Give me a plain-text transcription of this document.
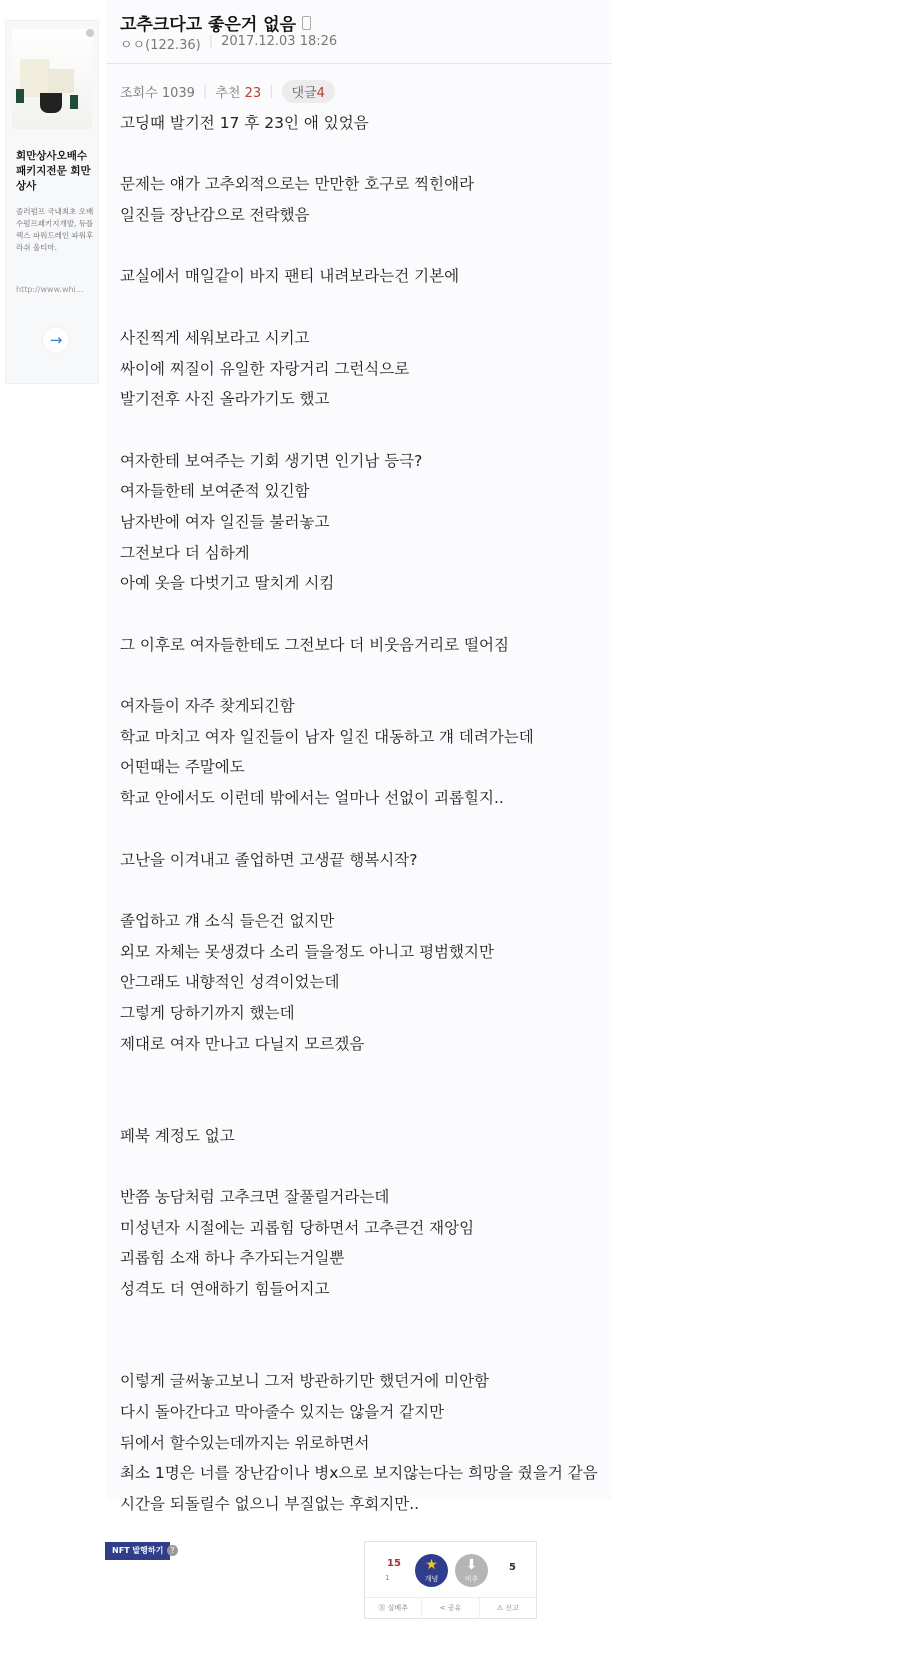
회만상사오배수 패키지전문 회만상사
졸러펌프 국내최초 오배수펌프패키지개발, 듀플렉스 파워드레인 파워후라쉬 울티마.
http://www.whi...
→
고추크다고 좋은거 없음
ㅇㅇ(122.36) | 2017.12.03 18:26
조회수 1039 | 추천 23 |	댓글4
고딩때 발기전 17 후 23인 애 있었음
문제는 얘가 고추외적으로는 만만한 호구로 찍힌애라
일진들 장난감으로 전락했음
교실에서 매일같이 바지 팬티 내려보라는건 기본에
사진찍게 세워보라고 시키고
싸이에 찌질이 유일한 자랑거리 그런식으로
발기전후 사진 올라가기도 했고
여자한테 보여주는 기회 생기면 인기남 등극?
여자들한테 보여준적 있긴함
남자반에 여자 일진들 불러놓고
그전보다 더 심하게
아예 옷을 다벗기고 딸치게 시킴
그 이후로 여자들한테도 그전보다 더 비웃음거리로 떨어짐
여자들이 자주 찾게되긴함
학교 마치고 여자 일진들이 남자 일진 대동하고 걔 데려가는데
어떤때는 주말에도
학교 안에서도 이런데 밖에서는 얼마나 선없이 괴롭힐지..
고난을 이겨내고 졸업하면 고생끝 행복시작?
졸업하고 걔 소식 들은건 없지만
외모 자체는 못생겼다 소리 들을정도 아니고 평범했지만
안그래도 내향적인 성격이었는데
그렇게 당하기까지 했는데
제대로 여자 만나고 다닐지 모르겠음
페북 계정도 없고
반쯤 농담처럼 고추크면 잘풀릴거라는데
미성년자 시절에는 괴롭힘 당하면서 고추큰건 재앙임
괴롭힘 소재 하나 추가되는거일뿐
성격도 더 연애하기 힘들어지고
이렇게 글써놓고보니 그저 방관하기만 했던거에 미안함
다시 돌아간다고 막아줄수 있지는 않을거 같지만
뒤에서 할수있는데까지는 위로하면서
최소 1명은 너를 장난감이나 병x으로 보지않는다는 희망을 줬을거 같음
시간을 되돌릴수 없으니 부질없는 후회지만..
NFT 발행하기 ?
15
1
★
개념
⬇
비추
5
Ⓑ 실베추	< 공유	⚠ 신고
